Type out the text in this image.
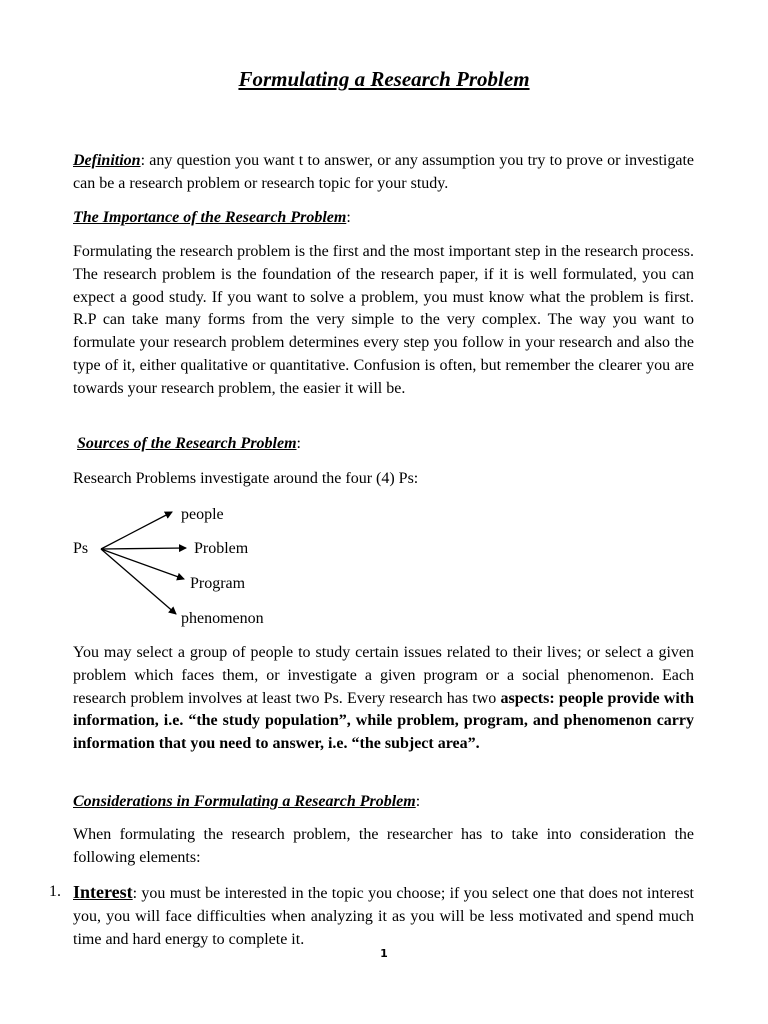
Formulating a Research Problem

Definition: any question you want t to answer, or any assumption you try to prove or investigate can be a research problem or research topic for your study.

The Importance of the Research Problem:

Formulating the research problem is the first and the most important step in the research process. The research problem is the foundation of the research paper, if it is well formulated, you can expect a good study. If you want to solve a problem, you must know what the problem is first. R.P can take many forms from the very simple to the very complex. The way you want to formulate your research problem determines every step you follow in your research and also the type of it, either qualitative or quantitative. Confusion is often, but remember the clearer you are towards your research problem, the easier it will be.

Sources of the Research Problem:

Research Problems investigate around the four (4) Ps:

Ps
people
Problem
Program
phenomenon

You may select a group of people to study certain issues related to their lives; or select a given problem which faces them, or investigate a given program or a social phenomenon. Each research problem involves at least two Ps. Every research has two aspects: people provide with information, i.e. “the study population”, while problem, program, and phenomenon carry information that you need to answer, i.e. “the subject area”.

Considerations in Formulating a Research Problem:

When formulating the research problem, the researcher has to take into consideration the following elements:

1. Interest: you must be interested in the topic you choose; if you select one that does not interest you, you will face difficulties when analyzing it as you will be less motivated and spend much time and hard energy to complete it.

1
